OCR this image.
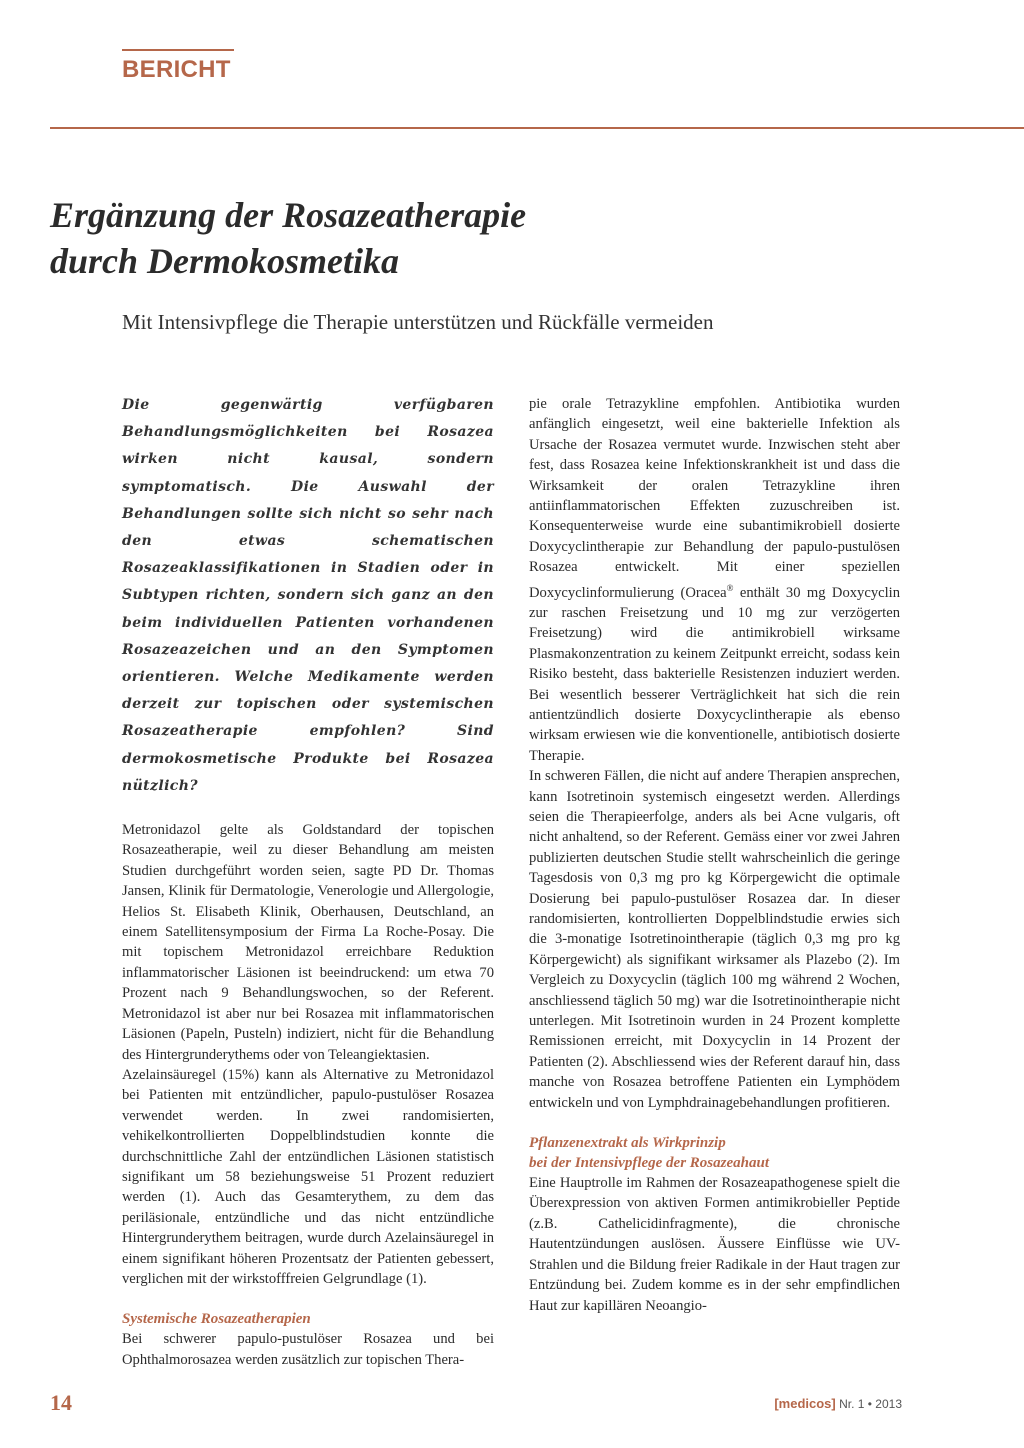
BERICHT
Ergänzung der Rosazeatherapie
durch Dermokosmetika

Mit Intensivpflege die Therapie unterstützen und Rückfälle vermeiden

Die gegenwärtig verfügbaren Behandlungsmöglichkeiten bei Rosazea wirken nicht kausal, sondern symptomatisch. Die Auswahl der Behandlungen sollte sich nicht so sehr nach den etwas schematischen Rosazeaklassifikationen in Stadien oder in Subtypen richten, sondern sich ganz an den beim individuellen Patienten vorhandenen Rosazeazeichen und an den Symptomen orientieren. Welche Medikamente werden derzeit zur topischen oder systemischen Rosazeatherapie empfohlen? Sind dermokosmetische Produkte bei Rosazea nützlich?

Metronidazol gelte als Goldstandard der topischen Rosazeatherapie, weil zu dieser Behandlung am meisten Studien durchgeführt worden seien, sagte PD Dr. Thomas Jansen, Klinik für Dermatologie, Venerologie und Allergologie, Helios St. Elisabeth Klinik, Oberhausen, Deutschland, an einem Satellitensymposium der Firma La Roche-Posay. Die mit topischem Metronidazol erreichbare Reduktion inflammatorischer Läsionen ist beeindruckend: um etwa 70 Prozent nach 9 Behandlungswochen, so der Referent. Metronidazol ist aber nur bei Rosazea mit inflammatorischen Läsionen (Papeln, Pusteln) indiziert, nicht für die Behandlung des Hintergrunderythems oder von Teleangiektasien.

Azelainsäuregel (15%) kann als Alternative zu Metronidazol bei Patienten mit entzündlicher, papulo-pustulöser Rosazea verwendet werden. In zwei randomisierten, vehikelkontrollierten Doppelblindstudien konnte die durchschnittliche Zahl der entzündlichen Läsionen statistisch signifikant um 58 beziehungsweise 51 Prozent reduziert werden (1). Auch das Gesamterythem, zu dem das periläsionale, entzündliche und das nicht entzündliche Hintergrunderythem beitragen, wurde durch Azelainsäuregel in einem signifikant höheren Prozentsatz der Patienten gebessert, verglichen mit der wirkstofffreien Gelgrundlage (1).

Systemische Rosazeatherapien

Bei schwerer papulo-pustulöser Rosazea und bei Ophthalmorosazea werden zusätzlich zur topischen Thera-

pie orale Tetrazykline empfohlen. Antibiotika wurden anfänglich eingesetzt, weil eine bakterielle Infektion als Ursache der Rosazea vermutet wurde. Inzwischen steht aber fest, dass Rosazea keine Infektionskrankheit ist und dass die Wirksamkeit der oralen Tetrazykline ihren antiinflammatorischen Effekten zuzuschreiben ist. Konsequenterweise wurde eine subantimikrobiell dosierte Doxycyclintherapie zur Behandlung der papulo-pustulösen Rosazea entwickelt. Mit einer speziellen Doxycyclinformulierung (Oracea® enthält 30 mg Doxycyclin zur raschen Freisetzung und 10 mg zur verzögerten Freisetzung) wird die antimikrobiell wirksame Plasmakonzentration zu keinem Zeitpunkt erreicht, sodass kein Risiko besteht, dass bakterielle Resistenzen induziert werden. Bei wesentlich besserer Verträglichkeit hat sich die rein antientzündlich dosierte Doxycyclintherapie als ebenso wirksam erwiesen wie die konventionelle, antibiotisch dosierte Therapie.

In schweren Fällen, die nicht auf andere Therapien ansprechen, kann Isotretinoin systemisch eingesetzt werden. Allerdings seien die Therapieerfolge, anders als bei Acne vulgaris, oft nicht anhaltend, so der Referent. Gemäss einer vor zwei Jahren publizierten deutschen Studie stellt wahrscheinlich die geringe Tagesdosis von 0,3 mg pro kg Körpergewicht die optimale Dosierung bei papulo-pustulöser Rosazea dar. In dieser randomisierten, kontrollierten Doppelblindstudie erwies sich die 3-monatige Isotretinointherapie (täglich 0,3 mg pro kg Körpergewicht) als signifikant wirksamer als Plazebo (2). Im Vergleich zu Doxycyclin (täglich 100 mg während 2 Wochen, anschliessend täglich 50 mg) war die Isotretinointherapie nicht unterlegen. Mit Isotretinoin wurden in 24 Prozent komplette Remissionen erreicht, mit Doxycyclin in 14 Prozent der Patienten (2). Abschliessend wies der Referent darauf hin, dass manche von Rosazea betroffene Patienten ein Lymphödem entwickeln und von Lymphdrainagebehandlungen profitieren.

Pflanzenextrakt als Wirkprinzip
bei der Intensivpflege der Rosazeahaut

Eine Hauptrolle im Rahmen der Rosazeapathogenese spielt die Überexpression von aktiven Formen antimikrobieller Peptide (z.B. Cathelicidinfragmente), die chronische Hautentzündungen auslösen. Äussere Einflüsse wie UV-Strahlen und die Bildung freier Radikale in der Haut tragen zur Entzündung bei. Zudem komme es in der sehr empfindlichen Haut zur kapillären Neoangio-

14	[medicos] Nr. 1 • 2013
